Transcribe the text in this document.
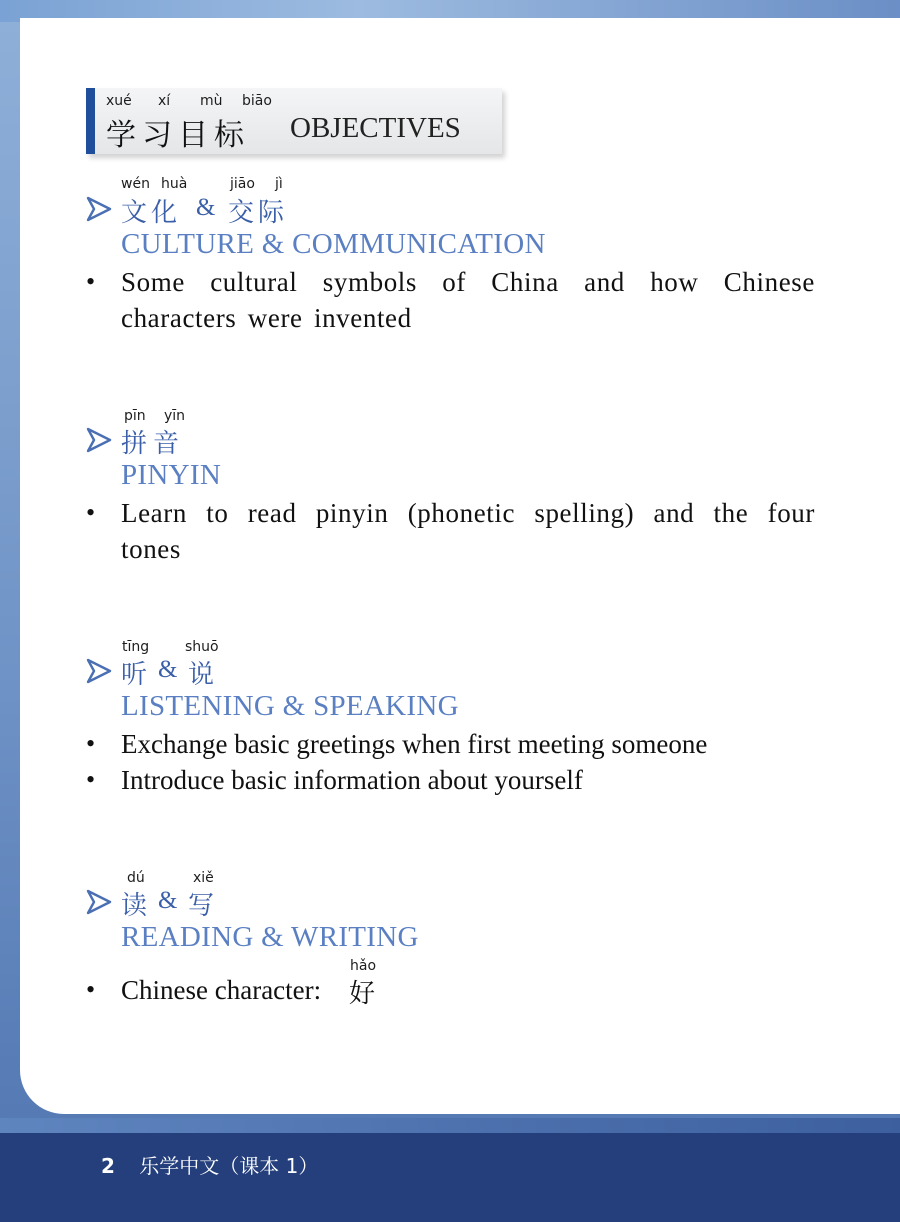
xué xí mù biāo
学习目标 OBJECTIVES
wén huà	jiāo jì
文化 & 交际
CULTURE & COMMUNICATION
• Some cultural symbols of China and how Chinese characters were invented
pīn yīn
拼音
PINYIN
• Learn to read pinyin (phonetic spelling) and the four tones
tīng	shuō
听 & 说
LISTENING & SPEAKING
• Exchange basic greetings when first meeting someone
• Introduce basic information about yourself
dú	xiě
读 & 写
READING & WRITING
• Chinese character:
hǎo
好
2 乐学中文（课本 1）
